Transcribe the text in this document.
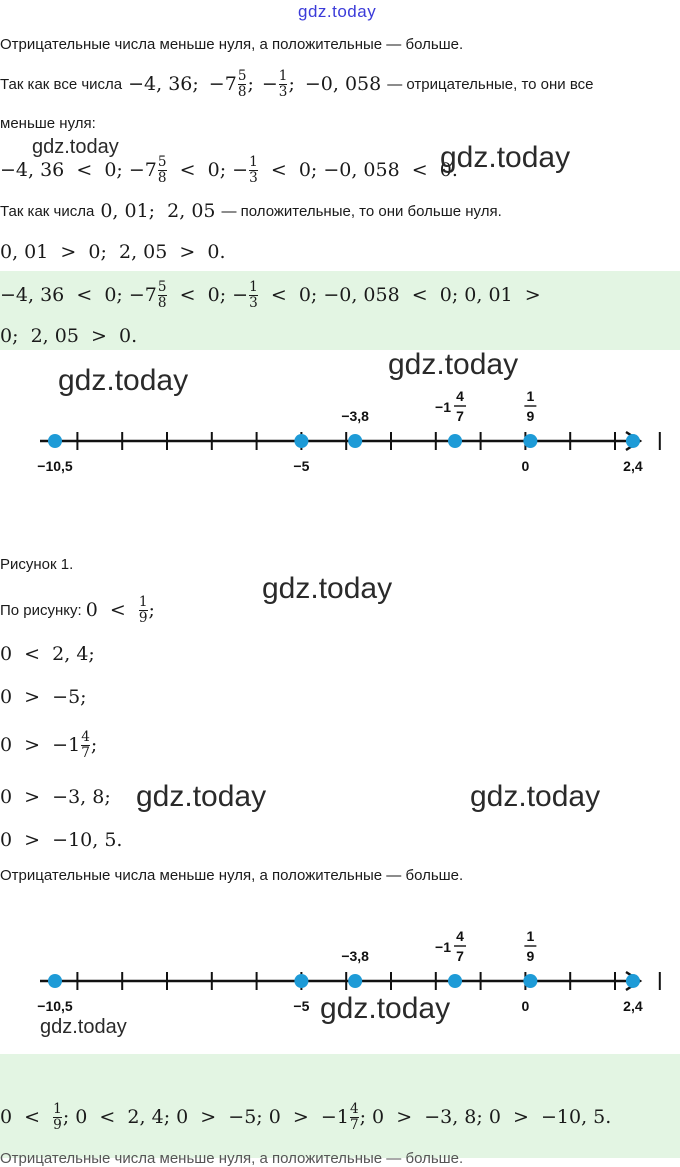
gdz.today
Отрицательные числа меньше нуля, а положительные — больше.
Так как все числа −4, 36; $-7 \frac{5}{8}$ ; − $\frac{1}{3}$ ; −0, 058 — отрицательные, то они все
меньше нуля:
−4, 36  <  0; $-7 \frac{5}{8} < 0$; − $\frac{1}{3} < 0$; −0, 058  <  0.
gdz.today	gdz.today
Так как числа 0, 01;  2, 05 — положительные, то они больше нуля.
0, 01  >  0;  2, 05  >  0.
−4, 36  <  0; $-7 \frac{5}{8} < 0$; − $\frac{1}{3} < 0$; −0, 058  <  0; 0, 01  >
0;  2, 05  >  0.
gdz.today	gdz.today
0
−10,5	−5
−3,8
−1
4
7
1
9
2,4
Рисунок 1.
По рисунку: $0 < \frac{1}{9}$ ;
gdz.today
0  <  2, 4;
0  >  −5;
$0 > -1 \frac{4}{7}$ ;
0  >  −3, 8;
0  >  −10, 5.
gdz.today	gdz.today
Отрицательные числа меньше нуля, а положительные — больше.
0
−10,5	−5
−3,8
−1
4
7
1
9
2,4
gdz.today
gdz.today
$0 < \frac{1}{9}$ ; 0  <  2, 4; 0  >  −5; $0 > -1 \frac{4}{7}$ ; 0  >  −3, 8; 0  >  −10, 5.
Отрицательные числа меньше нуля, а положительные — больше.
